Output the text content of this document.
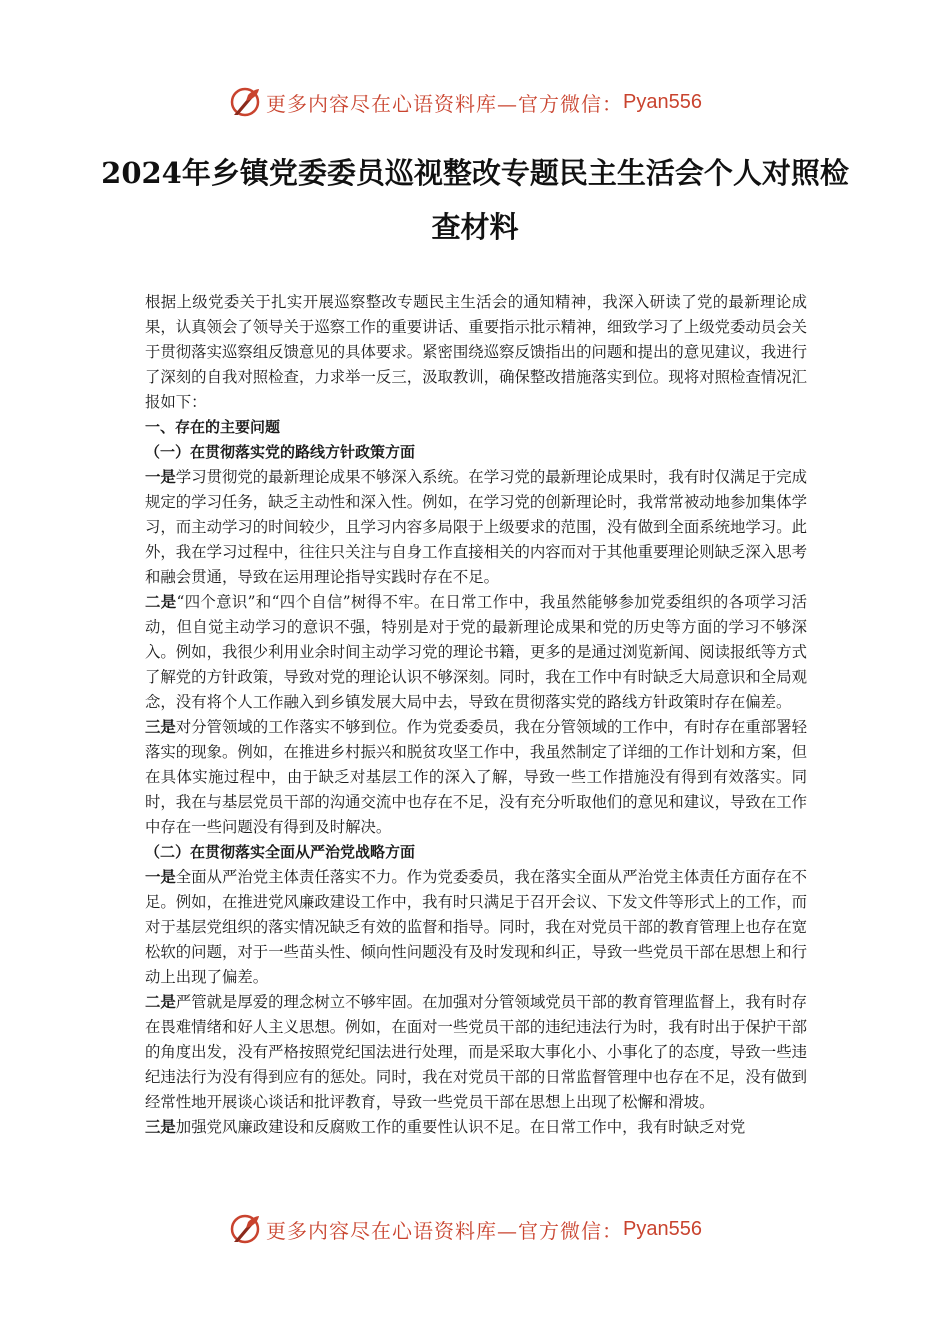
更多内容尽在心语资料库—官方微信： Pyan556
2024年乡镇党委委员巡视整改专题民主生活会个人对照检查材料

根据上级党委关于扎实开展巡察整改专题民主生活会的通知精神，我深入研读了党的最新理论成果，认真领会了领导关于巡察工作的重要讲话、重要指示批示精神，细致学习了上级党委动员会关于贯彻落实巡察组反馈意见的具体要求。紧密围绕巡察反馈指出的问题和提出的意见建议，我进行了深刻的自我对照检查，力求举一反三，汲取教训，确保整改措施落实到位。现将对照检查情况汇报如下：

一、存在的主要问题

（一）在贯彻落实党的路线方针政策方面

一是学习贯彻党的最新理论成果不够深入系统。在学习党的最新理论成果时，我有时仅满足于完成规定的学习任务，缺乏主动性和深入性。例如，在学习党的创新理论时，我常常被动地参加集体学习，而主动学习的时间较少，且学习内容多局限于上级要求的范围，没有做到全面系统地学习。此外，我在学习过程中，往往只关注与自身工作直接相关的内容而对于其他重要理论则缺乏深入思考和融会贯通，导致在运用理论指导实践时存在不足。

二是“四个意识”和“四个自信”树得不牢。在日常工作中，我虽然能够参加党委组织的各项学习活动，但自觉主动学习的意识不强，特别是对于党的最新理论成果和党的历史等方面的学习不够深入。例如，我很少利用业余时间主动学习党的理论书籍，更多的是通过浏览新闻、阅读报纸等方式了解党的方针政策，导致对党的理论认识不够深刻。同时，我在工作中有时缺乏大局意识和全局观念，没有将个人工作融入到乡镇发展大局中去，导致在贯彻落实党的路线方针政策时存在偏差。

三是对分管领域的工作落实不够到位。作为党委委员，我在分管领域的工作中，有时存在重部署轻落实的现象。例如，在推进乡村振兴和脱贫攻坚工作中，我虽然制定了详细的工作计划和方案，但在具体实施过程中，由于缺乏对基层工作的深入了解，导致一些工作措施没有得到有效落实。同时，我在与基层党员干部的沟通交流中也存在不足，没有充分听取他们的意见和建议，导致在工作中存在一些问题没有得到及时解决。

（二）在贯彻落实全面从严治党战略方面

一是全面从严治党主体责任落实不力。作为党委委员，我在落实全面从严治党主体责任方面存在不足。例如，在推进党风廉政建设工作中，我有时只满足于召开会议、下发文件等形式上的工作，而对于基层党组织的落实情况缺乏有效的监督和指导。同时，我在对党员干部的教育管理上也存在宽松软的问题，对于一些苗头性、倾向性问题没有及时发现和纠正，导致一些党员干部在思想上和行动上出现了偏差。

二是严管就是厚爱的理念树立不够牢固。在加强对分管领域党员干部的教育管理监督上，我有时存在畏难情绪和好人主义思想。例如，在面对一些党员干部的违纪违法行为时，我有时出于保护干部的角度出发，没有严格按照党纪国法进行处理，而是采取大事化小、小事化了的态度，导致一些违纪违法行为没有得到应有的惩处。同时，我在对党员干部的日常监督管理中也存在不足，没有做到经常性地开展谈心谈话和批评教育，导致一些党员干部在思想上出现了松懈和滑坡。

三是加强党风廉政建设和反腐败工作的重要性认识不足。在日常工作中，我有时缺乏对党

更多内容尽在心语资料库—官方微信： Pyan556
